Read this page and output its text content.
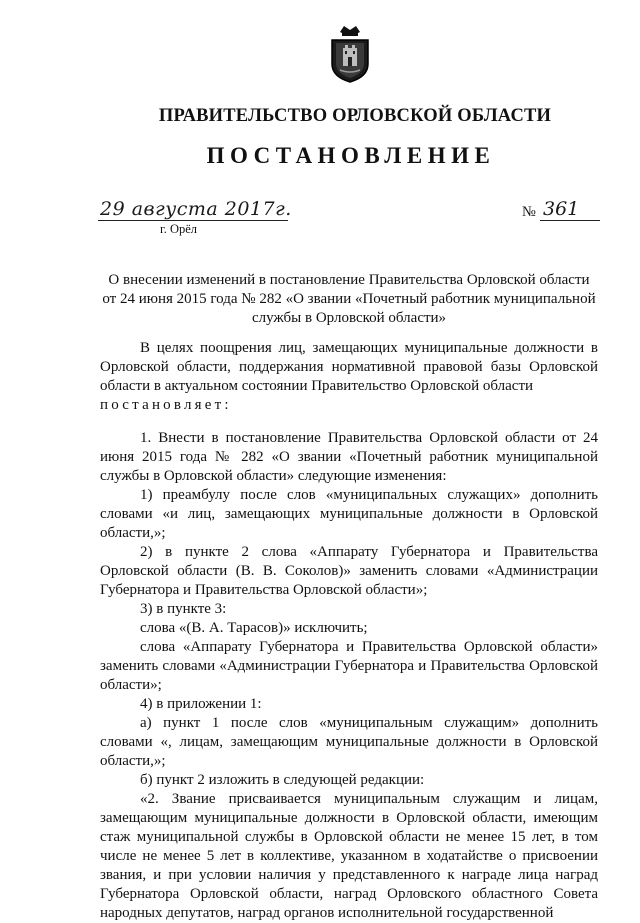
ПРАВИТЕЛЬСТВО ОРЛОВСКОЙ ОБЛАСТИ
ПОСТАНОВЛЕНИЕ
29 августа 2017г.
г. Орёл
№ 361
О внесении изменений в постановление Правительства Орловской области от 24 июня 2015 года № 282 «О звании «Почетный работник муниципальной службы в Орловской области»

В целях поощрения лиц, замещающих муниципальные должности в Орловской области, поддержания нормативной правовой базы Орловской области в актуальном состоянии Правительство Орловской области

постановляет:

1. Внести в постановление Правительства Орловской области от 24 июня 2015 года № 282 «О звании «Почетный работник муниципальной службы в Орловской области» следующие изменения:

1) преамбулу после слов «муниципальных служащих» дополнить словами «и лиц, замещающих муниципальные должности в Орловской области,»;

2) в пункте 2 слова «Аппарату Губернатора и Правительства Орловской области (В. В. Соколов)» заменить словами «Администрации Губернатора и Правительства Орловской области»;

3) в пункте 3:

слова «(В. А. Тарасов)» исключить;

слова «Аппарату Губернатора и Правительства Орловской области» заменить словами «Администрации Губернатора и Правительства Орловской области»;

4) в приложении 1:

а) пункт 1 после слов «муниципальным служащим» дополнить словами «, лицам, замещающим муниципальные должности в Орловской области,»;

б) пункт 2 изложить в следующей редакции:

«2. Звание присваивается муниципальным служащим и лицам, замещающим муниципальные должности в Орловской области, имеющим стаж муниципальной службы в Орловской области не менее 15 лет, в том числе не менее 5 лет в коллективе, указанном в ходатайстве о присвоении звания, и при условии наличия у представленного к награде лица наград Губернатора Орловской области, наград Орловского областного Совета народных депутатов, наград органов исполнительной государственной
